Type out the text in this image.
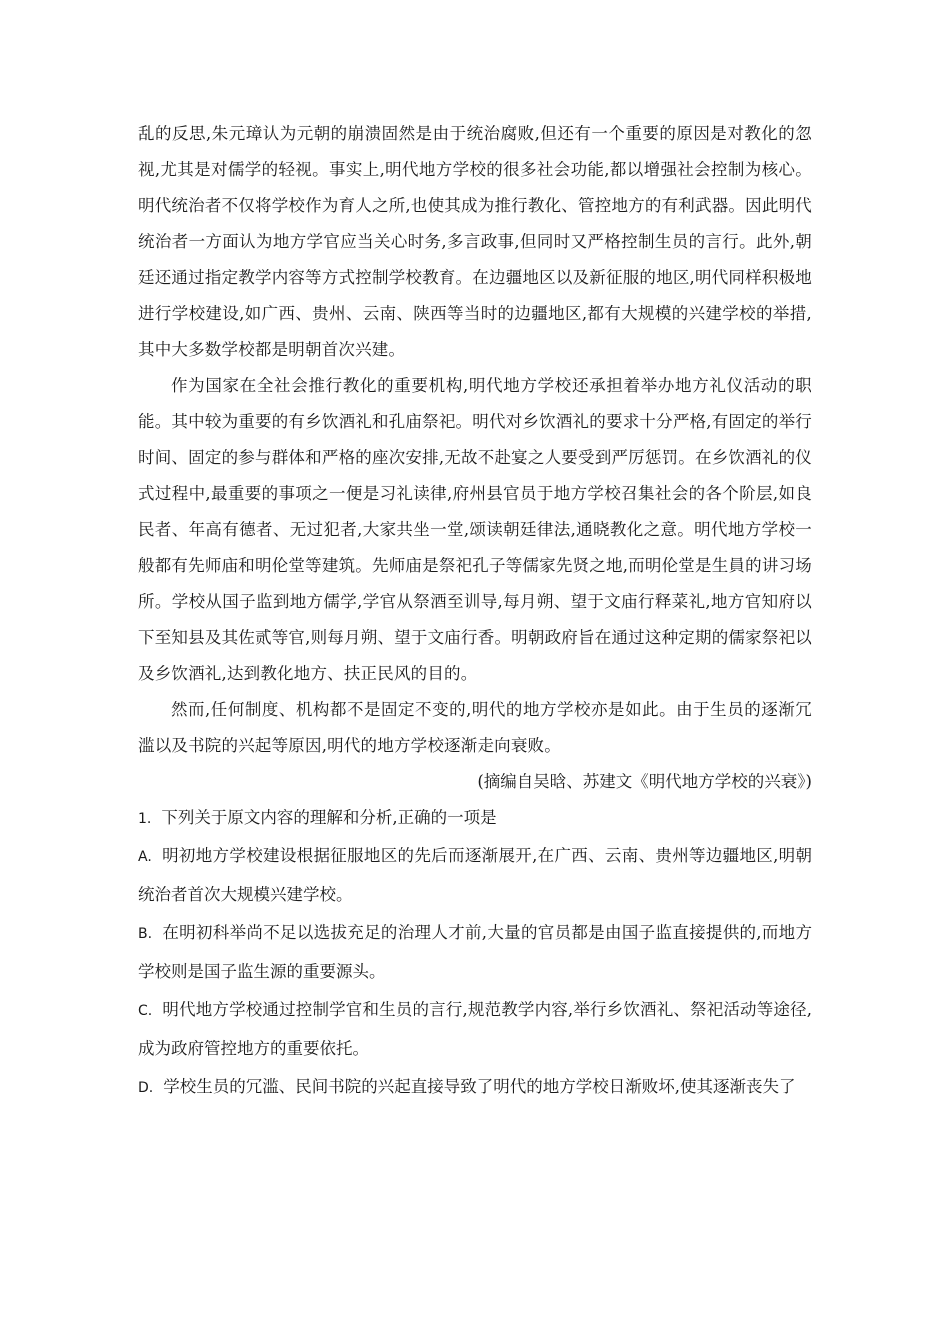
乱的反思,朱元璋认为元朝的崩溃固然是由于统治腐败,但还有一个重要的原因是对教化的忽视,尤其是对儒学的轻视。事实上,明代地方学校的很多社会功能,都以增强社会控制为核心。明代统治者不仅将学校作为育人之所,也使其成为推行教化、管控地方的有利武器。因此明代统治者一方面认为地方学官应当关心时务,多言政事,但同时又严格控制生员的言行。此外,朝廷还通过指定教学内容等方式控制学校教育。在边疆地区以及新征服的地区,明代同样积极地进行学校建设,如广西、贵州、云南、陕西等当时的边疆地区,都有大规模的兴建学校的举措,其中大多数学校都是明朝首次兴建。

作为国家在全社会推行教化的重要机构,明代地方学校还承担着举办地方礼仪活动的职能。其中较为重要的有乡饮酒礼和孔庙祭祀。明代对乡饮酒礼的要求十分严格,有固定的举行时间、固定的参与群体和严格的座次安排,无故不赴宴之人要受到严厉惩罚。在乡饮酒礼的仪式过程中,最重要的事项之一便是习礼读律,府州县官员于地方学校召集社会的各个阶层,如良民者、年高有德者、无过犯者,大家共坐一堂,颂读朝廷律法,通晓教化之意。明代地方学校一般都有先师庙和明伦堂等建筑。先师庙是祭祀孔子等儒家先贤之地,而明伦堂是生員的讲习场所。学校从国子监到地方儒学,学官从祭酒至训导,每月朔、望于文庙行释菜礼,地方官知府以下至知县及其佐贰等官,则每月朔、望于文庙行香。明朝政府旨在通过这种定期的儒家祭祀以及乡饮酒礼,达到教化地方、扶正民风的目的。

然而,任何制度、机构都不是固定不变的,明代的地方学校亦是如此。由于生员的逐渐冗滥以及书院的兴起等原因,明代的地方学校逐渐走向衰败。

(摘编自吴晗、苏建文《明代地方学校的兴衰》)

1. 下列关于原文内容的理解和分析,正确的一项是

A. 明初地方学校建设根据征服地区的先后而逐渐展开,在广西、云南、贵州等边疆地区,明朝统治者首次大规模兴建学校。

B. 在明初科举尚不足以选拔充足的治理人才前,大量的官员都是由国子监直接提供的,而地方学校则是国子监生源的重要源头。

C. 明代地方学校通过控制学官和生员的言行,规范教学内容,举行乡饮酒礼、祭祀活动等途径,成为政府管控地方的重要依托。

D. 学校生员的冗滥、民间书院的兴起直接导致了明代的地方学校日渐败坏,使其逐渐丧失了
